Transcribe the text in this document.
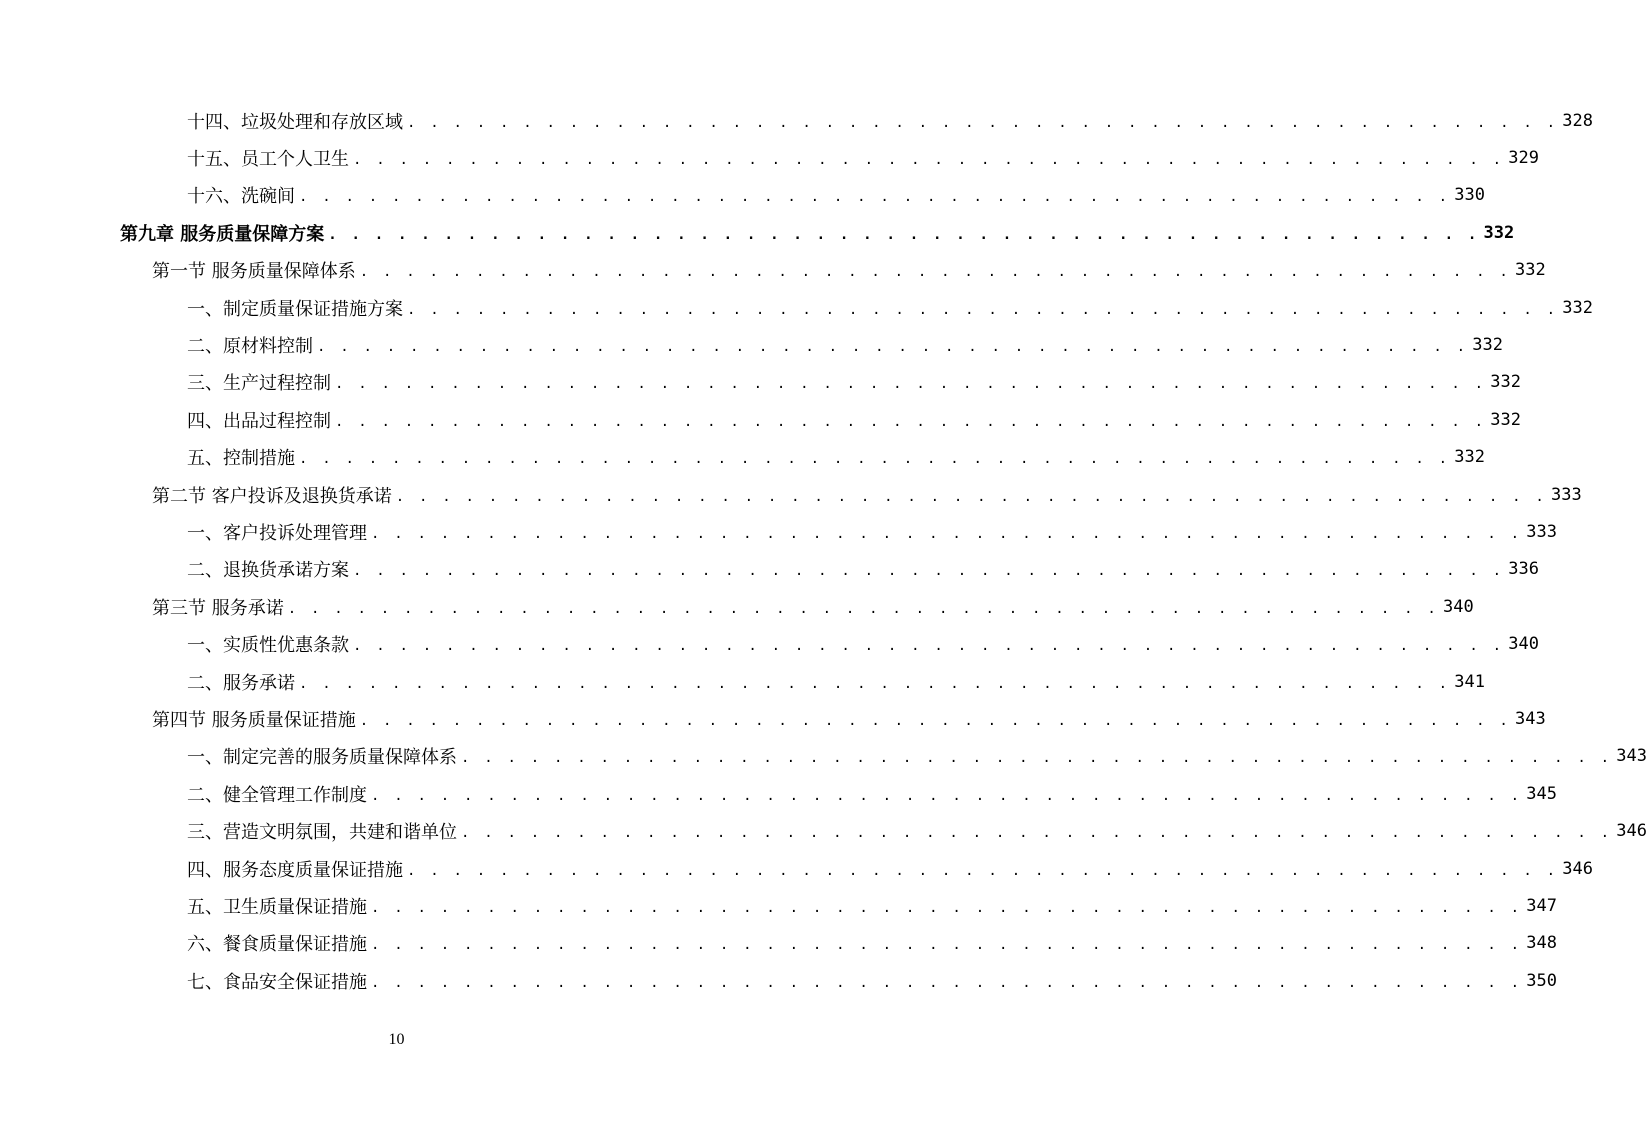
十四、垃圾处理和存放区域 . . . . . . . . . . . . . . . . . . . . . . . . . . . . . . . . . . . . . . . . . . . . . . . . . . 328
十五、员工个人卫生 . . . . . . . . . . . . . . . . . . . . . . . . . . . . . . . . . . . . . . . . . . . . . . . . . . 329
十六、洗碗间 . . . . . . . . . . . . . . . . . . . . . . . . . . . . . . . . . . . . . . . . . . . . . . . . . . 330
第九章 服务质量保障方案 . . . . . . . . . . . . . . . . . . . . . . . . . . . . . . . . . . . . . . . . . . . . . . . . . . 332
第一节 服务质量保障体系 . . . . . . . . . . . . . . . . . . . . . . . . . . . . . . . . . . . . . . . . . . . . . . . . . . 332
一、制定质量保证措施方案 . . . . . . . . . . . . . . . . . . . . . . . . . . . . . . . . . . . . . . . . . . . . . . . . . . 332
二、原材料控制 . . . . . . . . . . . . . . . . . . . . . . . . . . . . . . . . . . . . . . . . . . . . . . . . . . 332
三、生产过程控制 . . . . . . . . . . . . . . . . . . . . . . . . . . . . . . . . . . . . . . . . . . . . . . . . . . 332
四、出品过程控制 . . . . . . . . . . . . . . . . . . . . . . . . . . . . . . . . . . . . . . . . . . . . . . . . . . 332
五、控制措施 . . . . . . . . . . . . . . . . . . . . . . . . . . . . . . . . . . . . . . . . . . . . . . . . . . 332
第二节 客户投诉及退换货承诺 . . . . . . . . . . . . . . . . . . . . . . . . . . . . . . . . . . . . . . . . . . . . . . . . . . 333
一、客户投诉处理管理 . . . . . . . . . . . . . . . . . . . . . . . . . . . . . . . . . . . . . . . . . . . . . . . . . . 333
二、退换货承诺方案 . . . . . . . . . . . . . . . . . . . . . . . . . . . . . . . . . . . . . . . . . . . . . . . . . . 336
第三节 服务承诺 . . . . . . . . . . . . . . . . . . . . . . . . . . . . . . . . . . . . . . . . . . . . . . . . . . 340
一、实质性优惠条款 . . . . . . . . . . . . . . . . . . . . . . . . . . . . . . . . . . . . . . . . . . . . . . . . . . 340
二、服务承诺 . . . . . . . . . . . . . . . . . . . . . . . . . . . . . . . . . . . . . . . . . . . . . . . . . . 341
第四节 服务质量保证措施 . . . . . . . . . . . . . . . . . . . . . . . . . . . . . . . . . . . . . . . . . . . . . . . . . . 343
一、制定完善的服务质量保障体系 . . . . . . . . . . . . . . . . . . . . . . . . . . . . . . . . . . . . . . . . . . . . . . . . . . 343
二、健全管理工作制度 . . . . . . . . . . . . . . . . . . . . . . . . . . . . . . . . . . . . . . . . . . . . . . . . . . 345
三、营造文明氛围，共建和谐单位 . . . . . . . . . . . . . . . . . . . . . . . . . . . . . . . . . . . . . . . . . . . . . . . . . . 346
四、服务态度质量保证措施 . . . . . . . . . . . . . . . . . . . . . . . . . . . . . . . . . . . . . . . . . . . . . . . . . . 346
五、卫生质量保证措施 . . . . . . . . . . . . . . . . . . . . . . . . . . . . . . . . . . . . . . . . . . . . . . . . . . 347
六、餐食质量保证措施 . . . . . . . . . . . . . . . . . . . . . . . . . . . . . . . . . . . . . . . . . . . . . . . . . . 348
七、食品安全保证措施 . . . . . . . . . . . . . . . . . . . . . . . . . . . . . . . . . . . . . . . . . . . . . . . . . . 350
10
